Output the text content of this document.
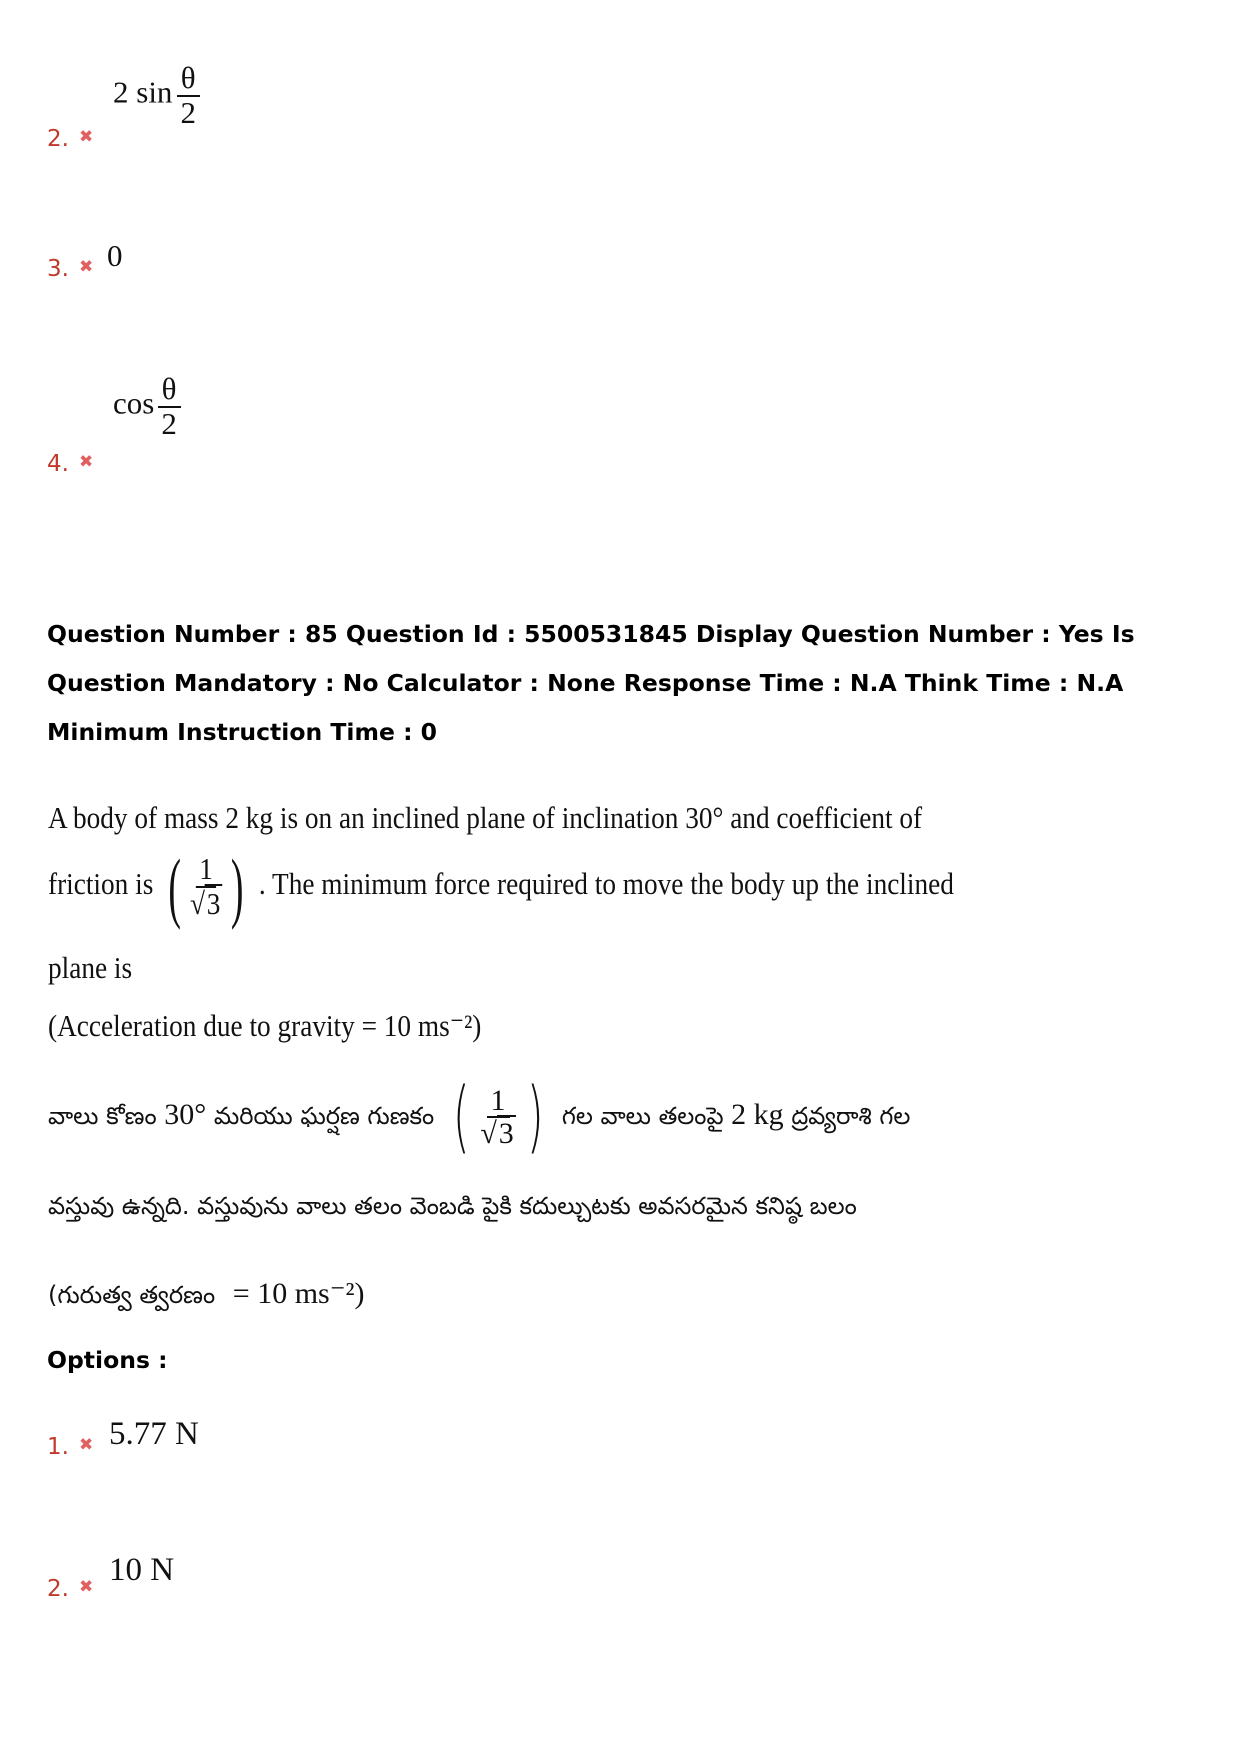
2 $\sin \frac{\theta}{2}$
2. ✖
3. ✖ 0
$\cos \frac{\theta}{2}$
4. ✖

Question Number : 85 Question Id : 5500531845 Display Question Number : Yes Is Question Mandatory : No Calculator : None Response Time : N.A Think Time : N.A Minimum Instruction Time : 0

A body of mass 2 kg is on an inclined plane of inclination 30° and coefficient of
friction is ( $\frac{1}{√3}$ ) . The minimum force required to move the body up the inclined
plane is
(Acceleration due to gravity = 10 ms⁻²)
వాలు కోణం 30° మరియు ఘర్షణ గుణకం ( $\frac{1}{√3}$ ) గల వాలు తలంపై 2 kg ద్రవ్యరాశి గల
వస్తువు ఉన్నది. వస్తువును వాలు తలం వెంబడి పైకి కదుల్చుటకు అవసరమైన కనిష్ఠ బలం
(గురుత్వ త్వరణం = 10 ms⁻²)
Options :
1. ✖ 5.77 N
2. ✖ 10 N
